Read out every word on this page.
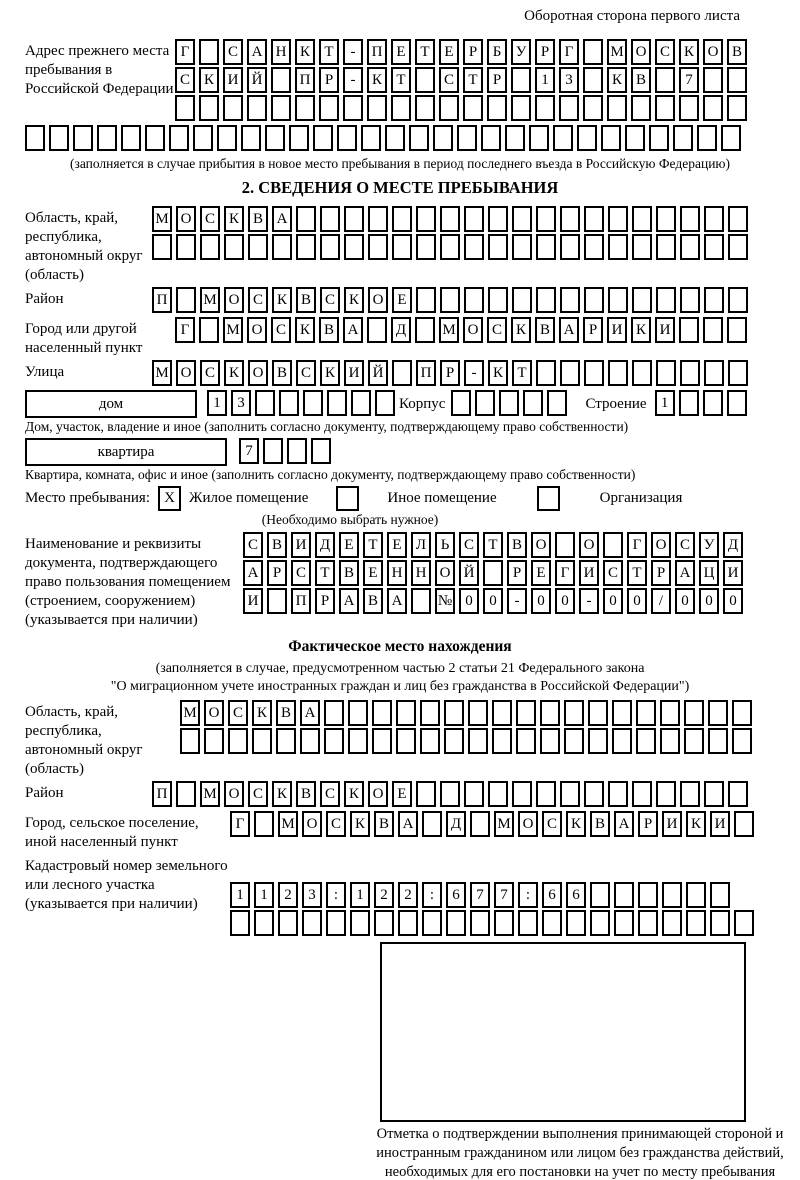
Оборотная сторона первого листа
Адрес прежнего места пребывания в Российской Федерации
Г	С А Н К Т - П Е Т Е Р Б У Р Г М О С К О В
С К И Й П Р - К Т	С Т Р	1 3	К В	7
(заполняется в случае прибытия в новое место пребывания в период последнего въезда в Российскую Федерацию)
2. СВЕДЕНИЯ О МЕСТЕ ПРЕБЫВАНИЯ
Область, край, республика, автономный округ (область)
М О С К В А
Район	П М О С К В С К О Е
Город или другой населенный пункт
Г М О С К В А Д М О С К В А Р И К И
Улица	М О С К О В С К И Й П Р - К Т
дом	1 3	Корпус	Строение 1
Дом, участок, владение и иное (заполнить согласно документу, подтверждающему право собственности)
квартира	7
Квартира, комната, офис и иное (заполнить согласно документу, подтверждающему право собственности)
Место пребывания: X Жилое помещение	Иное помещение	Организация
(Необходимо выбрать нужное)
Наименование и реквизиты документа, подтверждающего право пользования помещением (строением, сооружением) (указывается при наличии)
С В И Д Е Т Е Л Ь С Т В О О	Г О С У Д
А Р С Т В Е Н Н О Й	Р Е Г И С Т Р А Ц И
И П Р А В А № 0 0 - 0 0 - 0 0 / 0 0 0
Фактическое место нахождения
(заполняется в случае, предусмотренном частью 2 статьи 21 Федерального закона
"О миграционном учете иностранных граждан и лиц без гражданства в Российской Федерации")
Область, край, республика, автономный округ (область)
М О С К В А
Район	П М О С К В С К О Е
Город, сельское поселение, иной населенный пункт
Г М О С К В А Д М О С К В А Р И К И
Кадастровый номер земельного или лесного участка (указывается при наличии)
1 1 2 3 : 1 2 2 : 6 7 7 : 6 6
Отметка о подтверждении выполнения принимающей стороной и иностранным гражданином или лицом без гражданства действий, необходимых для его постановки на учет по месту пребывания
